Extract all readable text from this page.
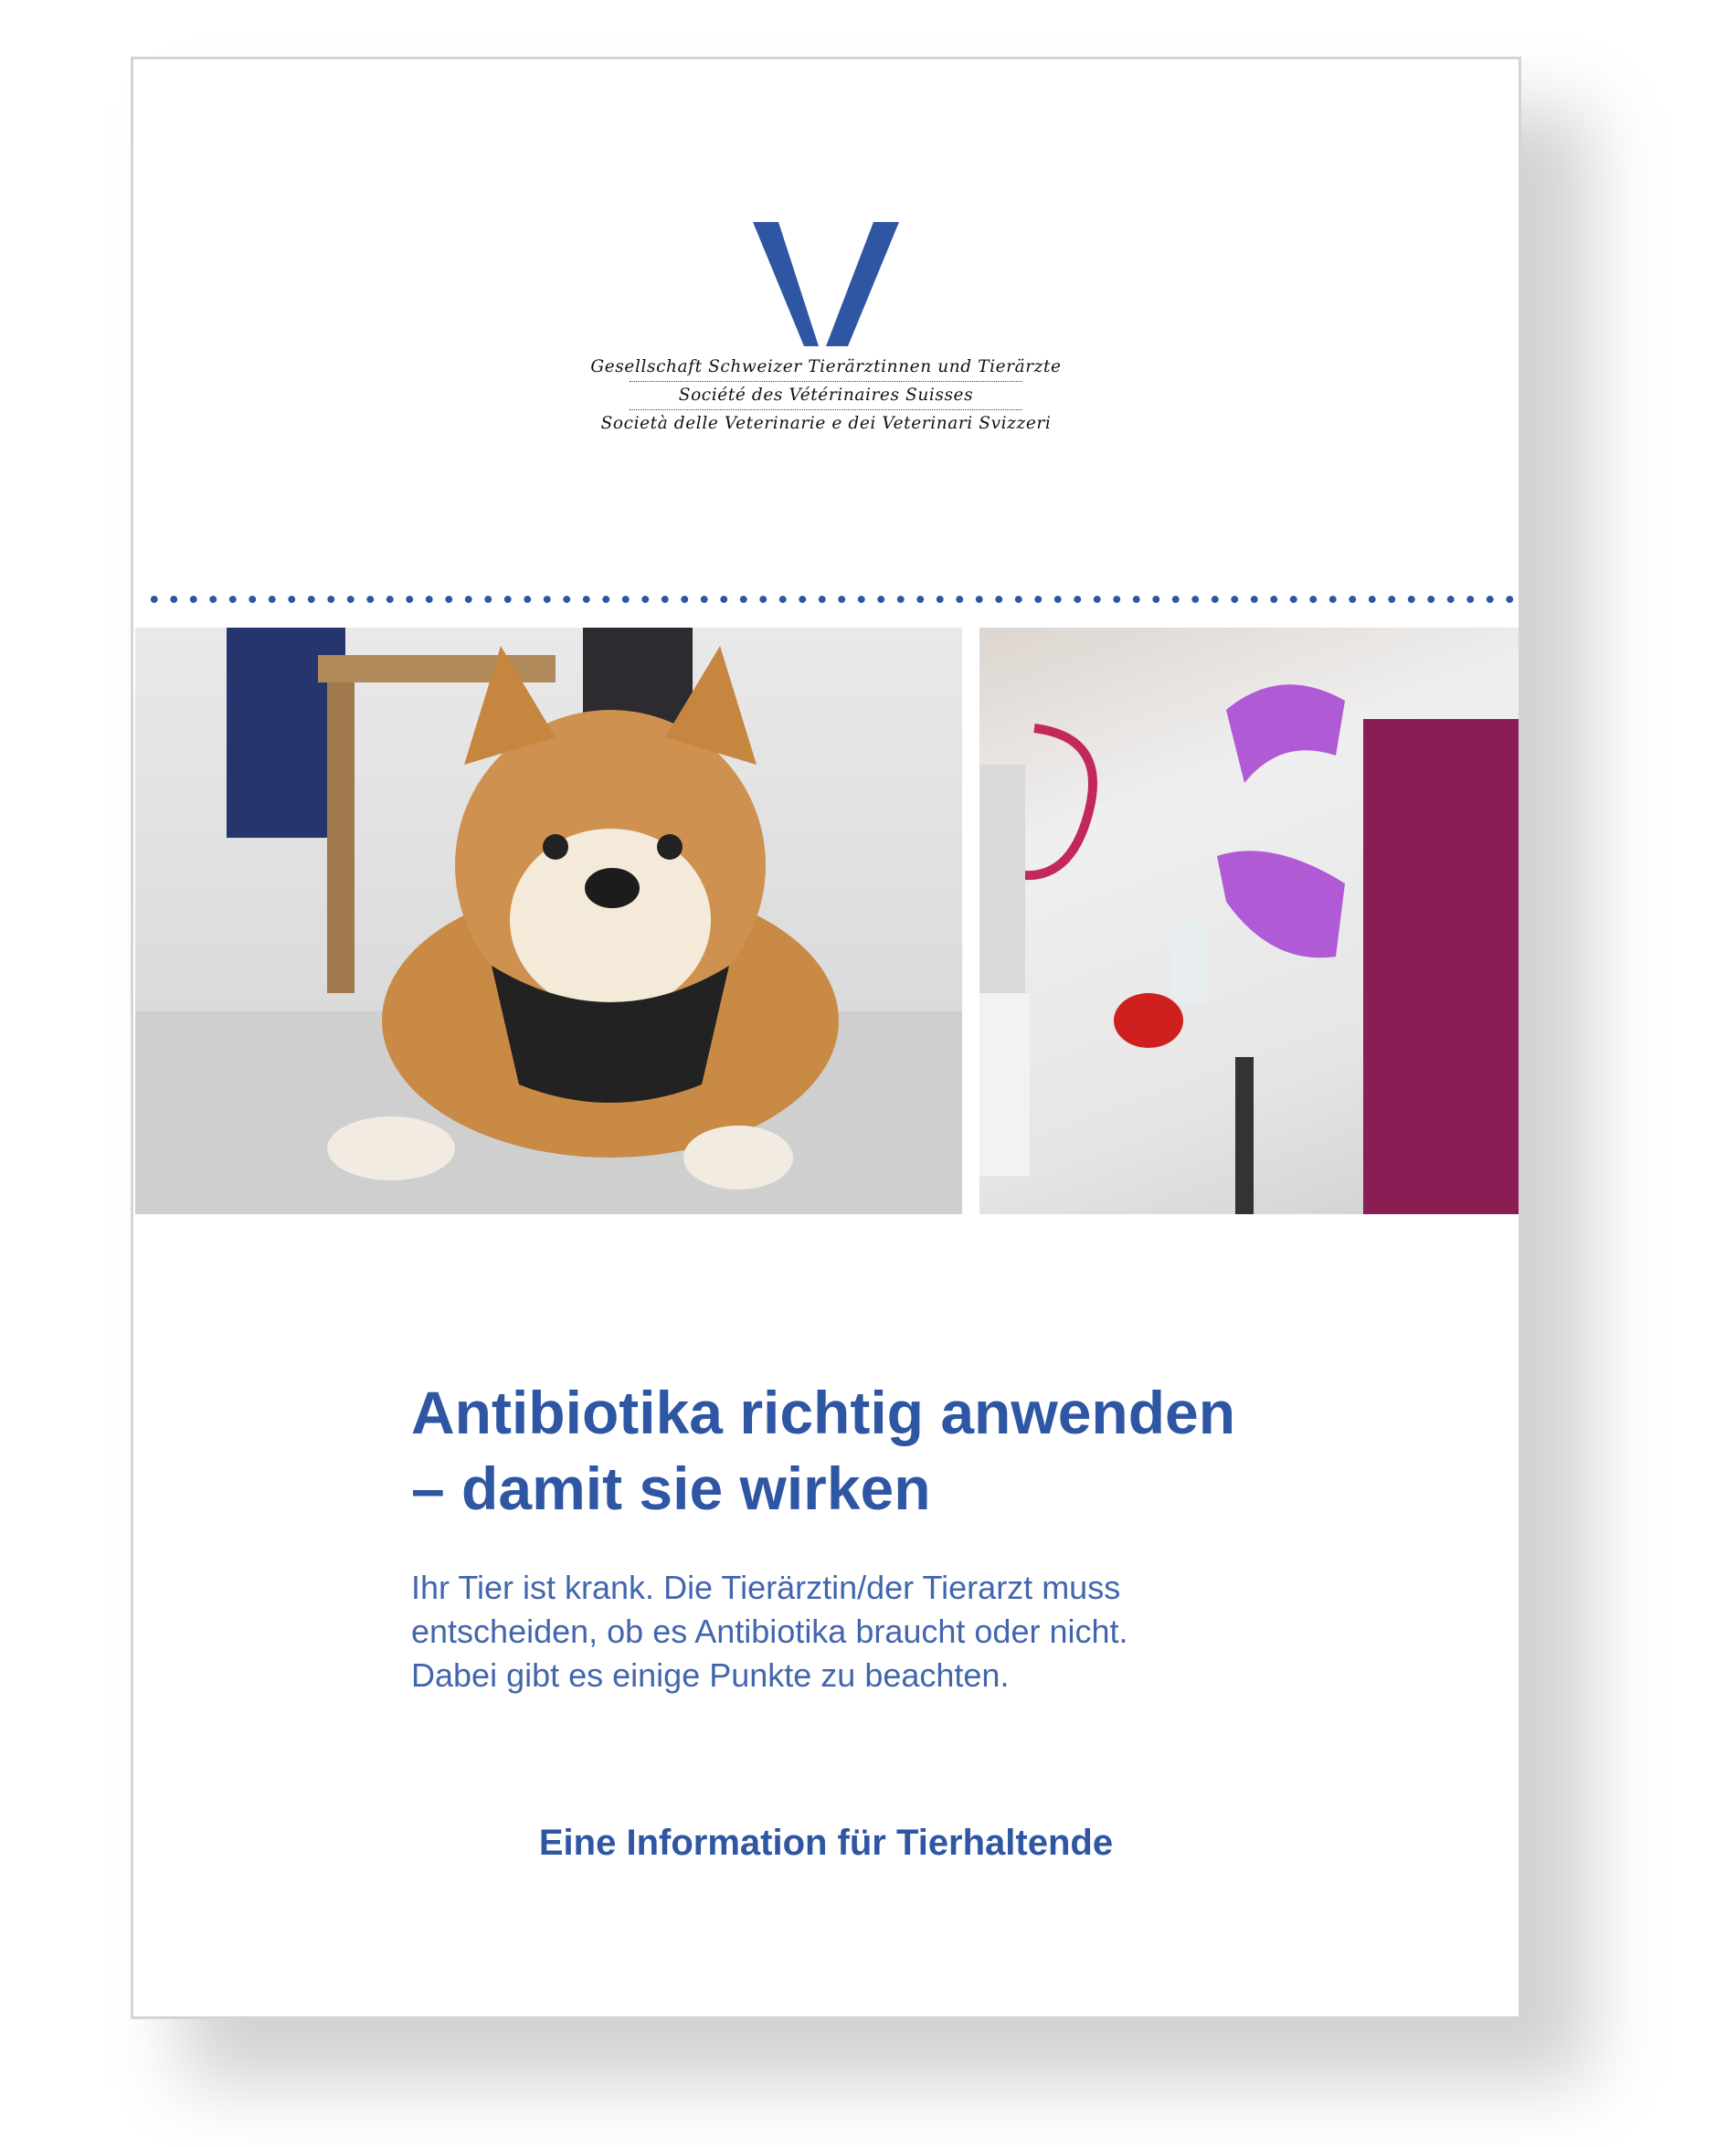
Gesellschaft Schweizer Tierärztinnen und Tierärzte
Société des Vétérinaires Suisses
Società delle Veterinarie e dei Veterinari Svizzeri
Antibiotika richtig anwenden
– damit sie wirken

Ihr Tier ist krank. Die Tierärztin/der Tierarzt muss
entscheiden, ob es Antibiotika braucht oder nicht.
Dabei gibt es einige Punkte zu beachten.

Eine Information für Tierhaltende
